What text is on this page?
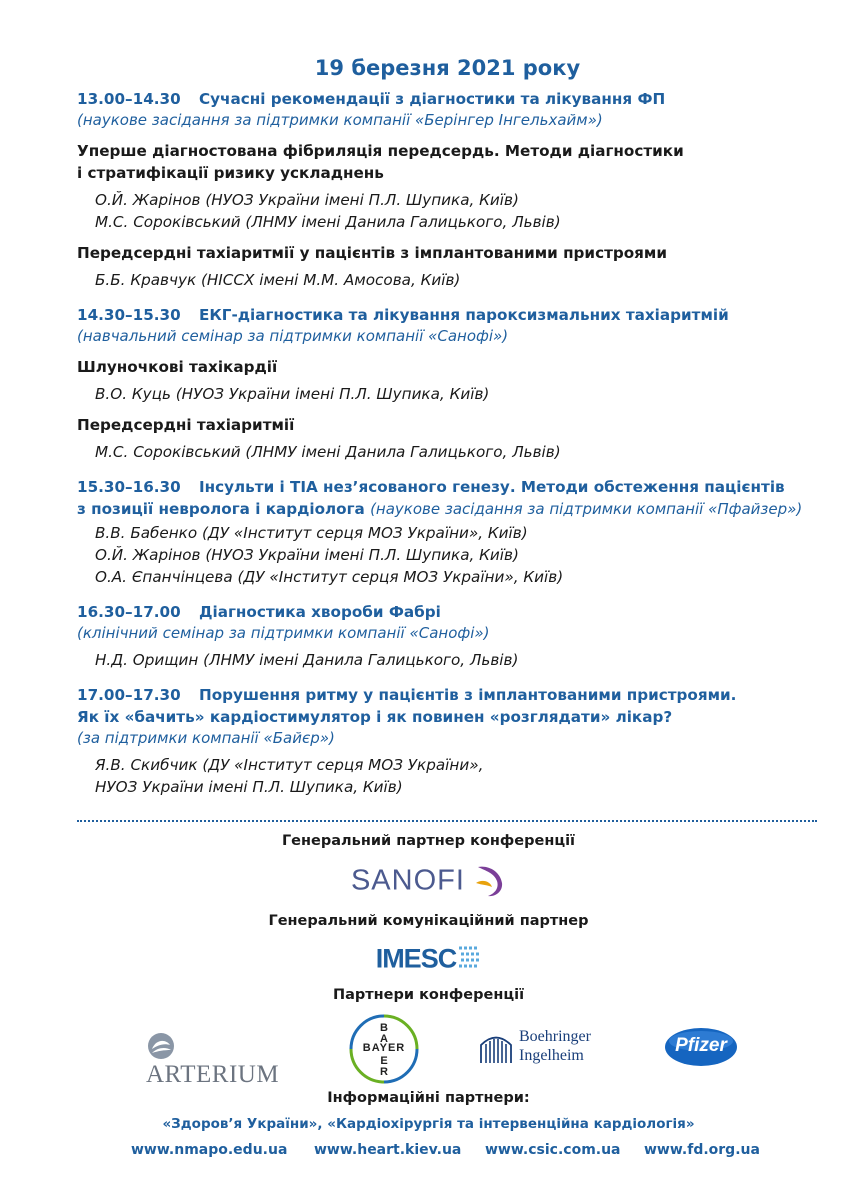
19 березня 2021 року
13.00–14.30 Сучасні рекомендації з діагностики та лікування ФП
(наукове засідання за підтримки компанії «Берінгер Інгельхайм»)
Уперше діагностована фібриляція передсердь. Методи діагностики
і стратифікації ризику ускладнень
О.Й. Жарінов (НУОЗ України імені П.Л. Шупика, Київ)
М.С. Сороківський (ЛНМУ імені Данила Галицького, Львів)
Передсердні тахіаритмії у пацієнтів з імплантованими пристроями
Б.Б. Кравчук (НІССХ імені М.М. Амосова, Київ)
14.30–15.30 ЕКГ-діагностика та лікування пароксизмальних тахіаритмій
(навчальний семінар за підтримки компанії «Санофі»)
Шлуночкові тахікардії
В.О. Куць (НУОЗ України імені П.Л. Шупика, Київ)
Передсердні тахіаритмії
М.С. Сороківський (ЛНМУ імені Данила Галицького, Львів)
15.30–16.30 Інсульти і ТІА нез’ясованого генезу. Методи обстеження пацієнтів
з позиції невролога і кардіолога (наукове засідання за підтримки компанії «Пфайзер»)
В.В. Бабенко (ДУ «Інститут серця МОЗ України», Київ)
О.Й. Жарінов (НУОЗ України імені П.Л. Шупика, Київ)
О.А. Єпанчінцева (ДУ «Інститут серця МОЗ України», Київ)
16.30–17.00 Діагностика хвороби Фабрі
(клінічний семінар за підтримки компанії «Санофі»)
Н.Д. Орищин (ЛНМУ імені Данила Галицького, Львів)
17.00–17.30 Порушення ритму у пацієнтів з імплантованими пристроями.
Як їх «бачить» кардіостимулятор і як повинен «розглядати» лікар?
(за підтримки компанії «Байєр»)
Я.В. Скибчик (ДУ «Інститут серця МОЗ України»,
НУОЗ України імені П.Л. Шупика, Київ)
Генеральний партнер конференції
SANOFI
Генеральний комунікаційний партнер
IMESC
Партнери конференції
ARTERIUM
B
A
E
R
BAYER
Boehringer
Ingelheim	Pfizer
Інформаційні партнери:
«Здоров’я України», «Кардіохірургія та інтервенційна кардіологія»
www.nmapo.edu.ua www.heart.kiev.ua www.csic.com.ua www.fd.org.ua
